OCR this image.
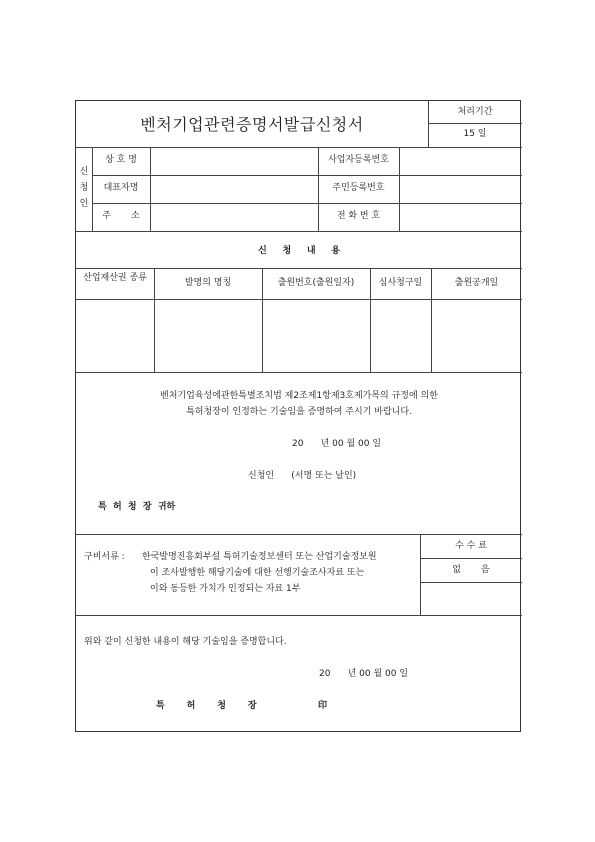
벤처기업관련증명서발급신청서
처리기간
15 일
신
청
인
상 호 명	사업자등록번호
대표자명	주민등록번호
주       소	전 화 번 호
신     청     내     용
산업재산권 종류	발명의 명칭	출원번호(출원일자)	심사청구일	출원공개일
벤처기업육성에관한특별조치법 제2조제1항제3호제가목의 규정에 의한
특허청장이 인정하는 기술임을 증명하여 주시기 바랍니다.
20      년 00 월 00 일
신청인      (서명 또는 날인)
특  허  청  장  귀하
구비서류 : 한국발명진흥회부설 특허기술정보센터 또는 산업기술정보원
이 조사발행한 해당기술에 대한 선행기술조사자료 또는
이와 동등한 가치가 인정되는 자료 1부
수 수 료
없       음
위와 같이 신청한 내용이 해당 기술임을 증명합니다.
20      년 00 월 00 일
특       허       청       장	印
